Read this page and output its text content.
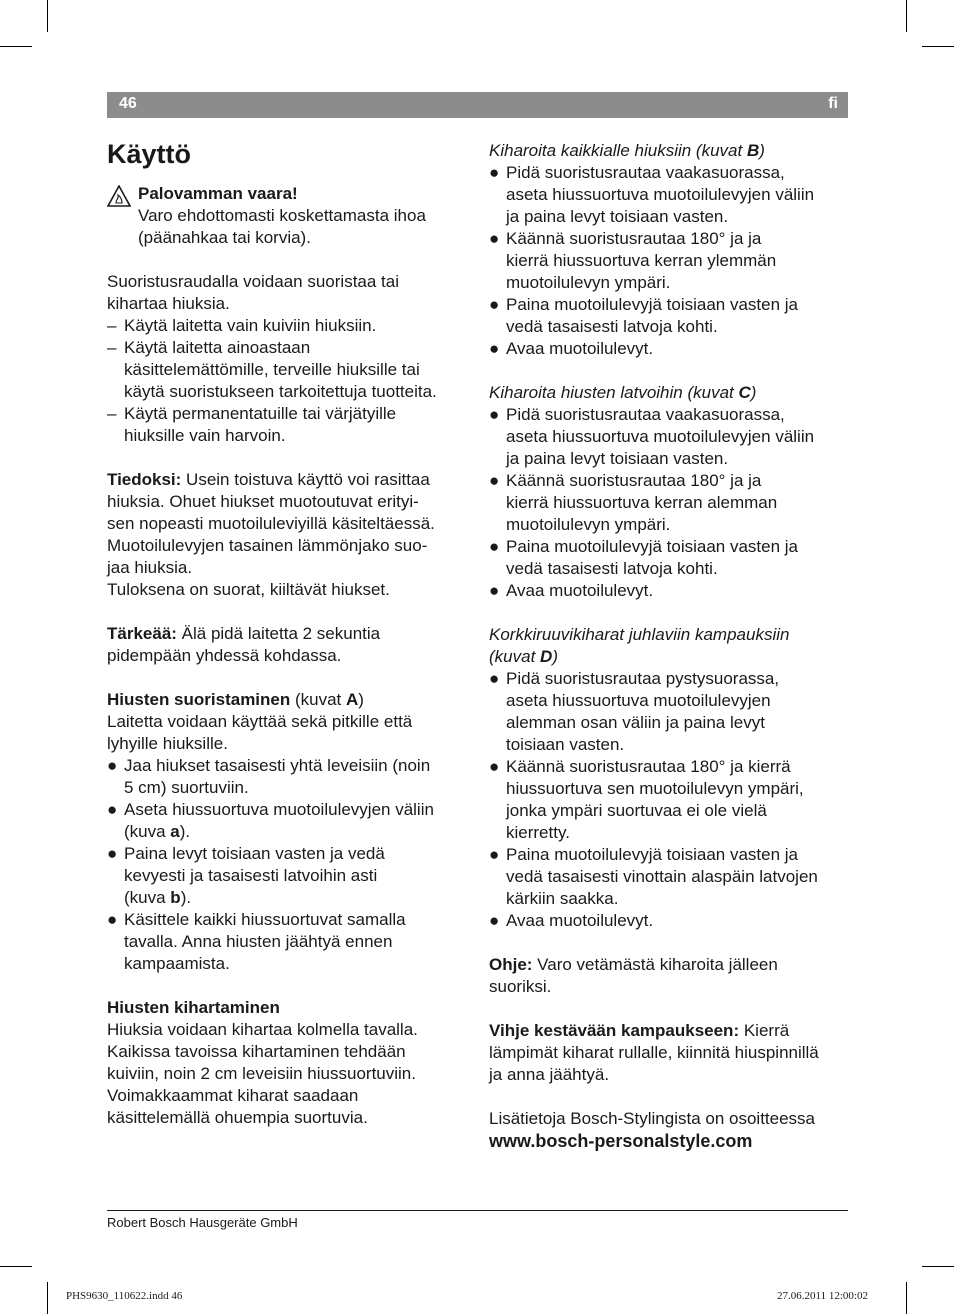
46	fi
Käyttö

Palovamman vaara!

Varo ehdottomasti koskettamasta ihoa

(päänahkaa tai korvia).

Suoristusraudalla voidaan suoristaa tai

kihartaa hiuksia.

– Käytä laitetta vain kuiviin hiuksiin.

– Käytä laitetta ainoastaan

käsittelemättömille, terveille hiuksille tai

käytä suoristukseen tarkoitettuja tuotteita.

– Käytä permanentatuille tai värjätyille

hiuksille vain harvoin.

Tiedoksi: Usein toistuva käyttö voi rasittaa

hiuksia. Ohuet hiukset muotoutuvat erityi-

sen nopeasti muotoiluleviyillä käsiteltäessä.

Muotoilulevyjen tasainen lämmönjako suo-

jaa hiuksia.

Tuloksena on suorat, kiiltävät hiukset.

Tärkeää: Älä pidä laitetta 2 sekuntia

pidempään yhdessä kohdassa.

Hiusten suoristaminen (kuvat A)

Laitetta voidaan käyttää sekä pitkille että

lyhyille hiuksille.

● Jaa hiukset tasaisesti yhtä leveisiin (noin

5 cm) suortuviin.

● Aseta hiussuortuva muotoilulevyjen väliin

(kuva a).

● Paina levyt toisiaan vasten ja vedä

kevyesti ja tasaisesti latvoihin asti

(kuva b).

● Käsittele kaikki hiussuortuvat samalla

tavalla. Anna hiusten jäähtyä ennen

kampaamista.

Hiusten kihartaminen

Hiuksia voidaan kihartaa kolmella tavalla.

Kaikissa tavoissa kihartaminen tehdään

kuiviin, noin 2 cm leveisiin hiussuortuviin.

Voimakkaammat kiharat saadaan

käsittelemällä ohuempia suortuvia.

Kiharoita kaikkialle hiuksiin (kuvat B)

● Pidä suoristusrautaa vaakasuorassa,

aseta hiussuortuva muotoilulevyjen väliin

ja paina levyt toisiaan vasten.

● Käännä suoristusrautaa 180° ja ja

kierrä hiussuortuva kerran ylemmän

muotoilulevyn ympäri.

● Paina muotoilulevyjä toisiaan vasten ja

vedä tasaisesti latvoja kohti.

● Avaa muotoilulevyt.

Kiharoita hiusten latvoihin (kuvat C)

● Pidä suoristusrautaa vaakasuorassa,

aseta hiussuortuva muotoilulevyjen väliin

ja paina levyt toisiaan vasten.

● Käännä suoristusrautaa 180° ja ja

kierrä hiussuortuva kerran alemman

muotoilulevyn ympäri.

● Paina muotoilulevyjä toisiaan vasten ja

vedä tasaisesti latvoja kohti.

● Avaa muotoilulevyt.

Korkkiruuvikiharat juhlaviin kampauksiin

(kuvat D)

● Pidä suoristusrautaa pystysuorassa,

aseta hiussuortuva muotoilulevyjen

alemman osan väliin ja paina levyt

toisiaan vasten.

● Käännä suoristusrautaa 180° ja kierrä

hiussuortuva sen muotoilulevyn ympäri,

jonka ympäri suortuvaa ei ole vielä

kierretty.

● Paina muotoilulevyjä toisiaan vasten ja

vedä tasaisesti vinottain alaspäin latvojen

kärkiin saakka.

● Avaa muotoilulevyt.

Ohje: Varo vetämästä kiharoita jälleen

suoriksi.

Vihje kestävään kampaukseen: Kierrä

lämpimät kiharat rullalle, kiinnitä hiuspinnillä

ja anna jäähtyä.

Lisätietoja Bosch-Stylingista on osoitteessa

www.bosch-personalstyle.com

Robert Bosch Hausgeräte GmbH
PHS9630_110622.indd 46	27.06.2011 12:00:02
